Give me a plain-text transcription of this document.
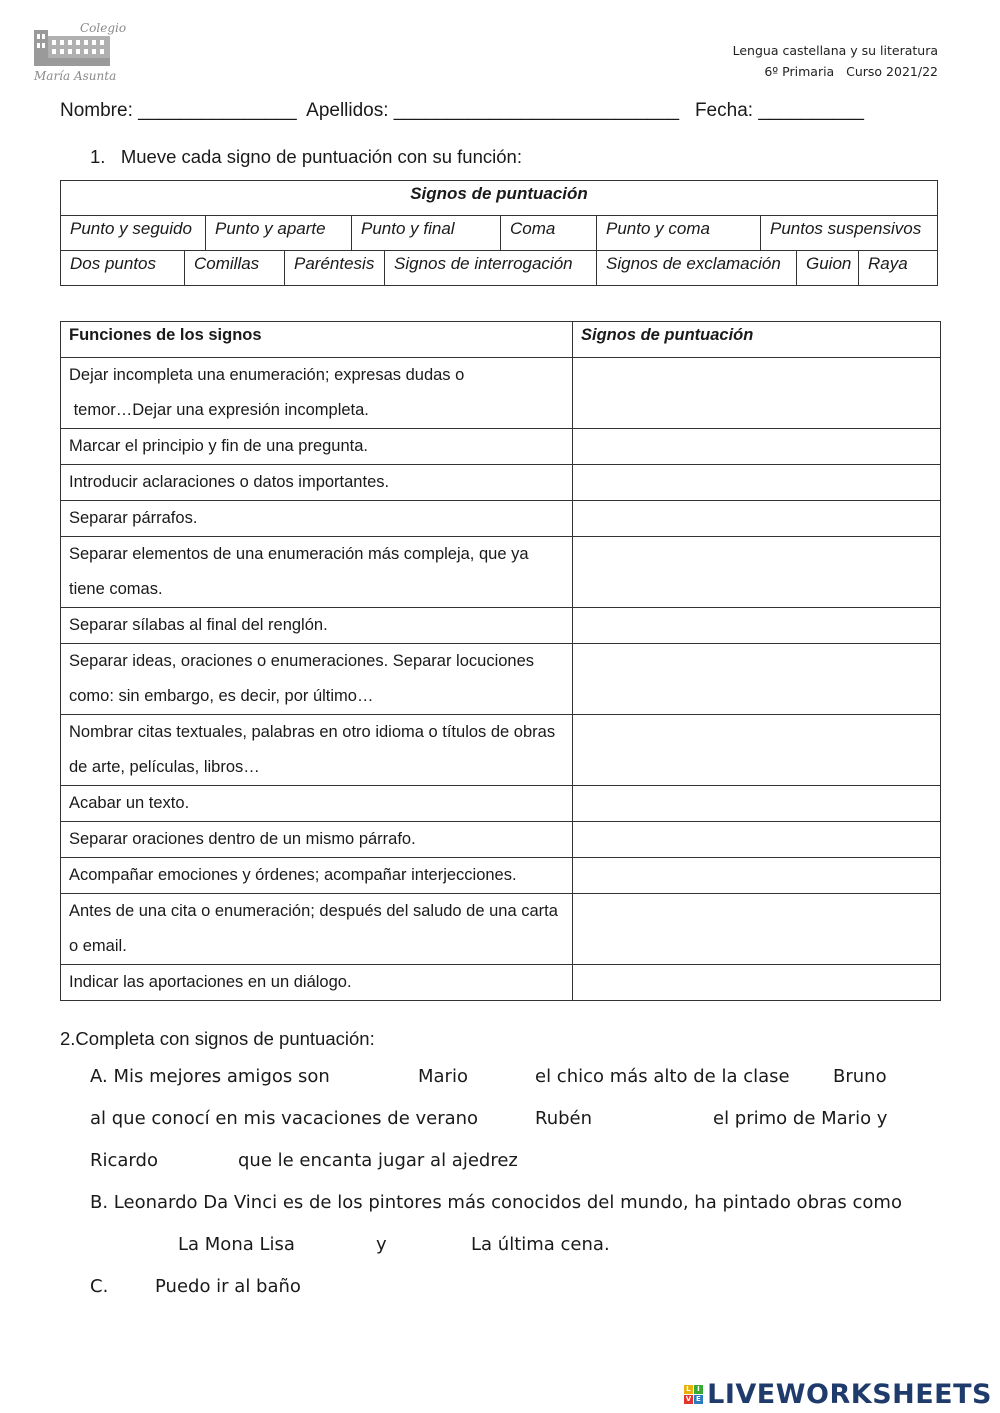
Colegio
María Asunta
Lengua castellana y su literatura
6º Primaria   Curso 2021/22
Nombre: _______________  Apellidos: ___________________________   Fecha: __________
1.   Mueve cada signo de puntuación con su función:
Signos de puntuación
Punto y seguido	Punto y aparte	Punto y final	Coma	Punto y coma	Puntos suspensivos
Dos puntos	Comillas	Paréntesis	Signos de interrogación	Signos de exclamación	Guion Raya
Funciones de los signos	Signos de puntuación

Dejar incompleta una enumeración; expresas dudas o
temor…Dejar una expresión incompleta.	

Marcar el principio y fin de una pregunta.	
Introducir aclaraciones o datos importantes.	
Separar párrafos.	

Separar elementos de una enumeración más compleja, que ya
tiene comas.	

Separar sílabas al final del renglón.	

Separar ideas, oraciones o enumeraciones. Separar locuciones
como: sin embargo, es decir, por último…	

Nombrar citas textuales, palabras en otro idioma o títulos de obras
de arte, películas, libros…	

Acabar un texto.	
Separar oraciones dentro de un mismo párrafo.	
Acompañar emociones y órdenes; acompañar interjecciones.	

Antes de una cita o enumeración; después del saludo de una carta
o email.	

Indicar las aportaciones en un diálogo.	
2.Completa con signos de puntuación:
A. Mis mejores amigos son	Mario	el chico más alto de la clase Bruno
al que conocí en mis vacaciones de verano	Rubén	el primo de Mario y
Ricardo	que le encanta jugar al ajedrez
B. Leonardo Da Vinci es de los pintores más conocidos del mundo, ha pintado obras como
La Mona Lisa	y	La última cena.
C.	Puedo ir al baño
L I
V E LIVEWORKSHEETS
